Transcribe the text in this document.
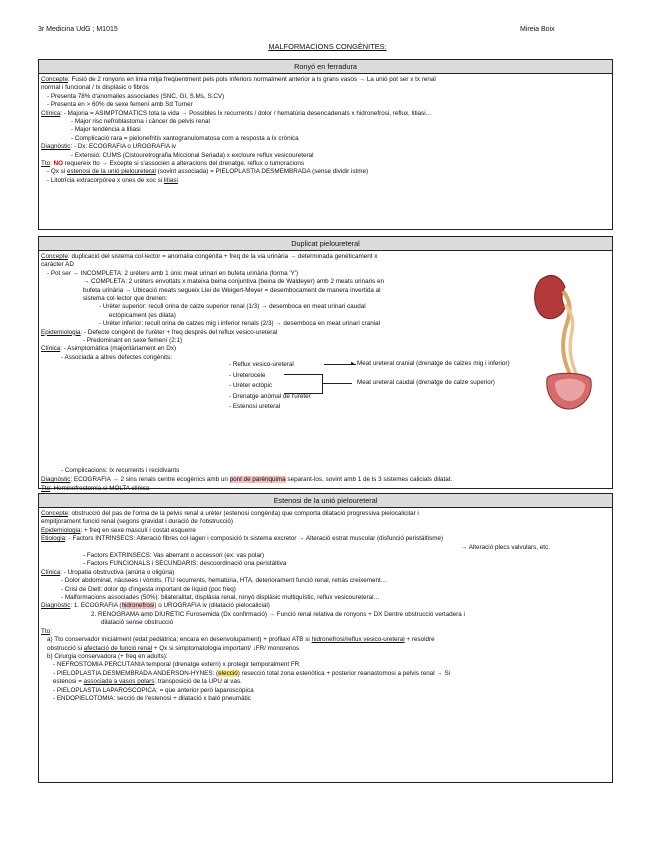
3r Medicina UdG ; M1015	Mireia Boix
MALFORMACIONS CONGÈNITES:
Ronyó en ferradura
Concepte: Fusió de 2 ronyons en línia mitja freqüentment pels pols inferiors normalment anterior a ls grans vasos → La unió pot ser x tx renal
normal i funcional / tx displàsic o fibrós
- Presenta 78% d'anomalies associades (SNC, GI, S.Ms, S.CV)
- Presenta en > 60% de sexe femení amb Sd Turner
Clínica: - Majoria = ASIMPTOMÀTICS tota la vida → Possibles Ix recurrents / dolor / hematúria desencadenats x hidronefrosi, reflux, litiasi…
- Major risc nefroblastoma i càncer de pelvis renal
- Major tendència a litiasi
- Complicació rara = pielonefritis xantogranulomatosa com a resposta a Ix crònica
Diagnòstic: - Dx: ECOGRAFIA o UROGRAFIA iv
- Extensió: CUMS (Cistouretrografia Miccional Seriada) x excloure reflux vesicoureteral
Tto: NO requereix tto → Excepte si s'associen a alteracions del drenatge, reflux o tumoracions
- Qx si estenosi de la unió pieloureteral (sovint associada) = PIELOPLASTIA DESMEMBRADA (sense dividir istme)
- Litotrícia extracorpòrea x ones de xoc si litiasi
Duplicat pieloureteral
Concepte: duplicació del sistema col·lector = anomalia congènita + freq de la via urinària → determinada genèticament x
caràcter AD
- Pot ser → INCOMPLETA: 2 urèters amb 1 únic meat urinari en bufeta urinària (forma 'Y')
→ COMPLETA: 2 urèters envoltats x mateixa beina conjuntiva (beina de Waldeyer) amb 2 meats urinaris en
bufeta urinària → Ubicació meats segueix Llei de Weigert-Meyer = desembocament de manera invertida al
sistema col·lector que drenen:
- Urèter superior: recull orina de calze superior renal (1/3) → desemboca en meat urinari caudal
ectòpicament (es dilata)
- Urèter inferior: recull orina de calzes mig i inferior renals (2/3) → desemboca en meat urinari cranial
Epidemiologia: - Defecte congènit de l'urèter + freq després del reflux vesico-ureteral
- Predominant en sexe femení (2:1)
Clínica: - Asimptomàtica (majoritàriament en Dx)
- Associada a altres defectes congènits:
- Reflux vesico-ureteral
- Ureterocele
- Urèter ectòpic
- Drenatge anòmal de l'urèter
- Estenosi ureteral
▸ Meat ureteral cranial (drenatge de calzes mig i inferior)
Meat ureteral caudal (drenatge de calze superior)
- Complicacions: Ix recurrents i recidivants
Diagnòstic: ECOGRAFIA → 2 sins renals centre ecogènics amb un pont de parènquima separant-los, sovint amb 1 de ls 3 sistemes calicials dilatat.
Tto: Heminefrectomia si MOLTA clínica
Estenosi de la unió pieloureteral
Concepte: obstrucció del pas de l'orina de la pelvis renal a urèter (estenosi congènita) que comporta dilatació progressiva pielocalicilar i
empitjorament funció renal (segons gravidat i duració de l'obstrucció)
Epidemiologia: + freq en sexe masculí i costat esquerre
Etiologia: - Factors INTRÍNSECS: Alteració fibres col·lagen i composició tx sistema excretor → Alteració estrat muscular (disfunció peristàltisme)
→ Alteració plecs valvulars, etc.
- Factors EXTRÍNSECS: Vas aberrant o accessori (ex: vas polar)
- Factors FUNCIONALS i SECUNDARIS: descoordinació ona peristàltiva
Clínica: - Uropatia obstructiva (anúria o oligúria)
- Dolor abdominal, nàusees i vòmits, ITU recurrents, hematúria, HTA, deteriorament funció renal, retràs creixement…
- Crisi de Dietl: dolor dp d'ingesta important de líquid (poc freq)
- Malformacions associades (50%): bilateralitat, displàsia renal, ronyó displàsic multiquístic, reflux vesicoureteral…
Diagnòstic: 1. ECOGRAFIA (hidronefrosi) o UROGRAFIA iv (dilatació pielocalicial)
2. RENOGRAMA amb DIÜRÈTIC Furosemida (Dx confirmació) → Funció renal relativa de ronyons + DX Dentre obstrucció vertadera i
dilatació sense obstrucció
Tto:
a) Tto conservador inicialment (edat pediàtrica; encara en desenvolupament) + profilaxi ATB si hidronefrosi/reflux vesico-ureteral + resoldre
obstrucció si afectació de funció renal + Qx si simptomatologia important/ ↓FR/ monorenos
b) Cirurgia conservadora (+ freq en adults):
- NEFROSTOMIA PERCUTÀNIA temporal (drenatge extern) x protegir temporalment FR
- PIELOPLASTIA DESMEMBRADA ANDERSON-HYNES: (elecció) resecció total zona estenòtica + posterior reanastomosi a pelvis renal → Si
estenosi = associada a vasos polars: transposició de la UPU al vas.
- PIELOPLASTIA LAPAROSCÒPICA: = que anterior però laparoscòpica
- ENDOPIELOTOMIA: secció de l'estenosi + dilatació x baló pneumàtic
